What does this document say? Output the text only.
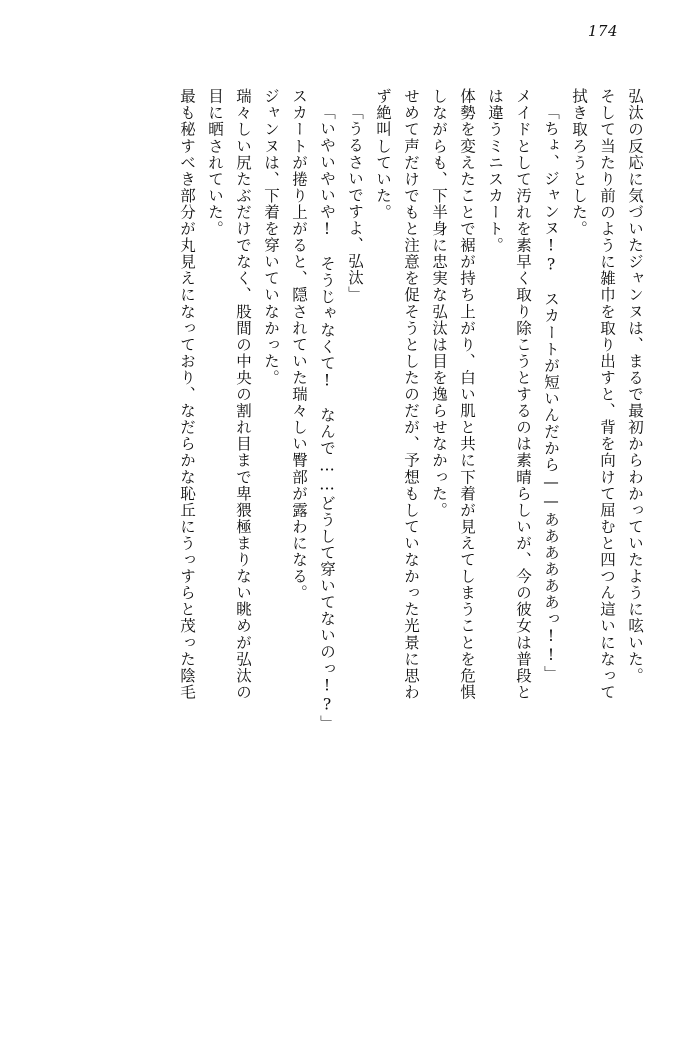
174
弘汰の反応に気づいたジャンヌは、まるで最初からわかっていたように呟いた。
そして当たり前のように雑巾を取り出すと、背を向けて屈むと四つん這いになって
拭き取ろうとした。
「ちょ、ジャンヌ!?　スカートが短いんだから——ああああああっ!!」
メイドとして汚れを素早く取り除こうとするのは素晴らしいが、今の彼女は普段と
は違うミニスカート。
体勢を変えたことで裾が持ち上がり、白い肌と共に下着が見えてしまうことを危惧
しながらも、下半身に忠実な弘汰は目を逸らせなかった。
せめて声だけでもと注意を促そうとしたのだが、予想もしていなかった光景に思わ
ず絶叫していた。
「うるさいですよ、弘汰」
「いやいやいや!　そうじゃなくて!　なんで……どうして穿いてないのっ!?」
スカートが捲り上がると、隠されていた瑞々しい臀部が露わになる。
ジャンヌは、下着を穿いていなかった。
瑞々しい尻たぶだけでなく、股間の中央の割れ目まで卑猥極まりない眺めが弘汰の
目に晒されていた。
最も秘すべき部分が丸見えになっており、なだらかな恥丘にうっすらと茂った陰毛
